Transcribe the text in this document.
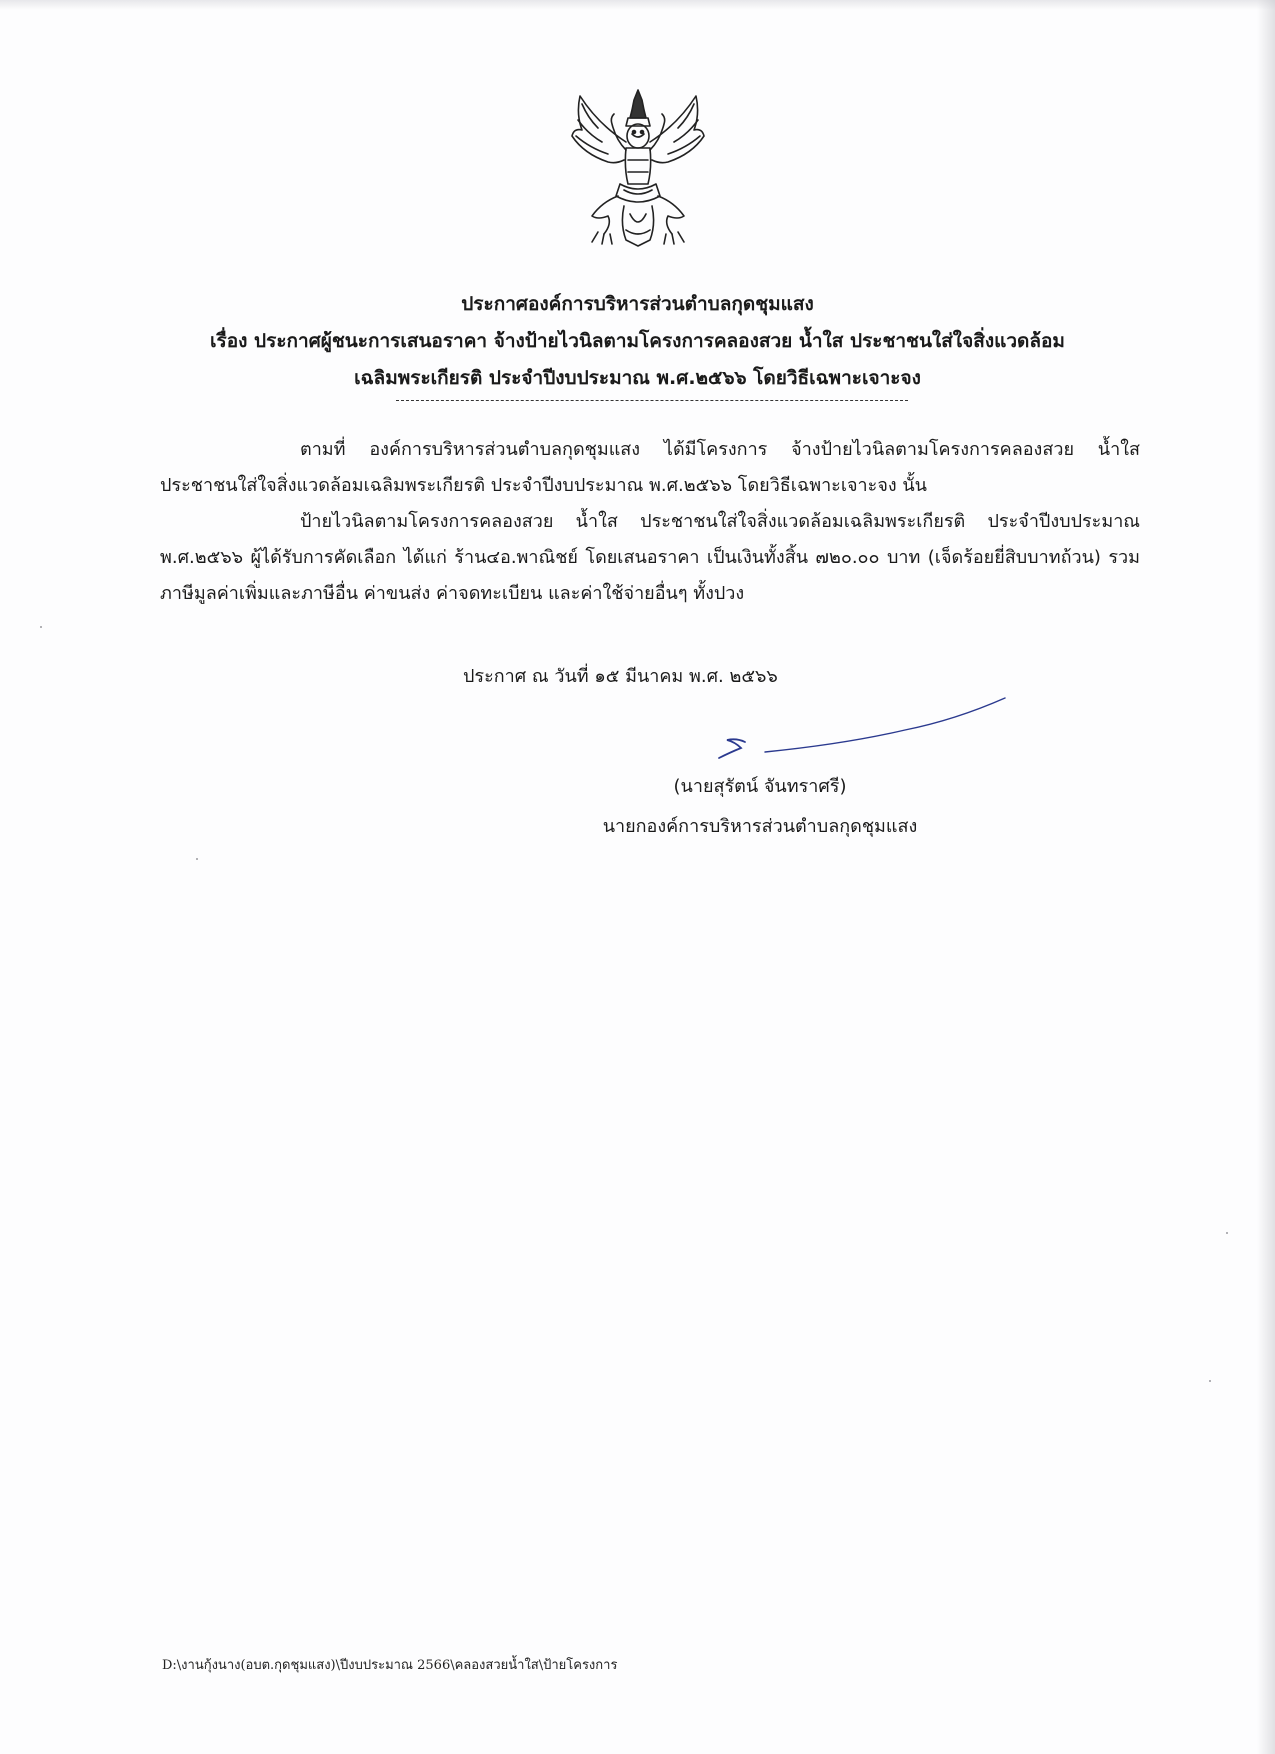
ประกาศองค์การบริหารส่วนตำบลกุดชุมแสง
เรื่อง ประกาศผู้ชนะการเสนอราคา จ้างป้ายไวนิลตามโครงการคลองสวย น้ำใส ประชาชนใส่ใจสิ่งแวดล้อม
เฉลิมพระเกียรติ ประจำปีงบประมาณ พ.ศ.๒๕๖๖ โดยวิธีเฉพาะเจาะจง
ตามที่ องค์การบริหารส่วนตำบลกุดชุมแสง ได้มีโครงการ จ้างป้ายไวนิลตามโครงการคลองสวย น้ำใส ประชาชนใส่ใจสิ่งแวดล้อมเฉลิมพระเกียรติ ประจำปีงบประมาณ พ.ศ.๒๕๖๖ โดยวิธีเฉพาะเจาะจง นั้น
ป้ายไวนิลตามโครงการคลองสวย น้ำใส ประชาชนใส่ใจสิ่งแวดล้อมเฉลิมพระเกียรติ ประจำปีงบประมาณ พ.ศ.๒๕๖๖ ผู้ได้รับการคัดเลือก ได้แก่ ร้าน๔อ.พาณิชย์ โดยเสนอราคา เป็นเงินทั้งสิ้น ๗๒๐.๐๐ บาท (เจ็ดร้อยยี่สิบบาทถ้วน) รวมภาษีมูลค่าเพิ่มและภาษีอื่น ค่าขนส่ง ค่าจดทะเบียน และค่าใช้จ่ายอื่นๆ ทั้งปวง
ประกาศ ณ วันที่ ๑๕ มีนาคม พ.ศ. ๒๕๖๖
(นายสุรัตน์ จันทราศรี)
นายกองค์การบริหารส่วนตำบลกุดชุมแสง
D:\งานกุ้งนาง(อบต.กุดชุมแสง)\ปีงบประมาณ 2566\คลองสวยน้ำใส\ป้ายโครงการ
